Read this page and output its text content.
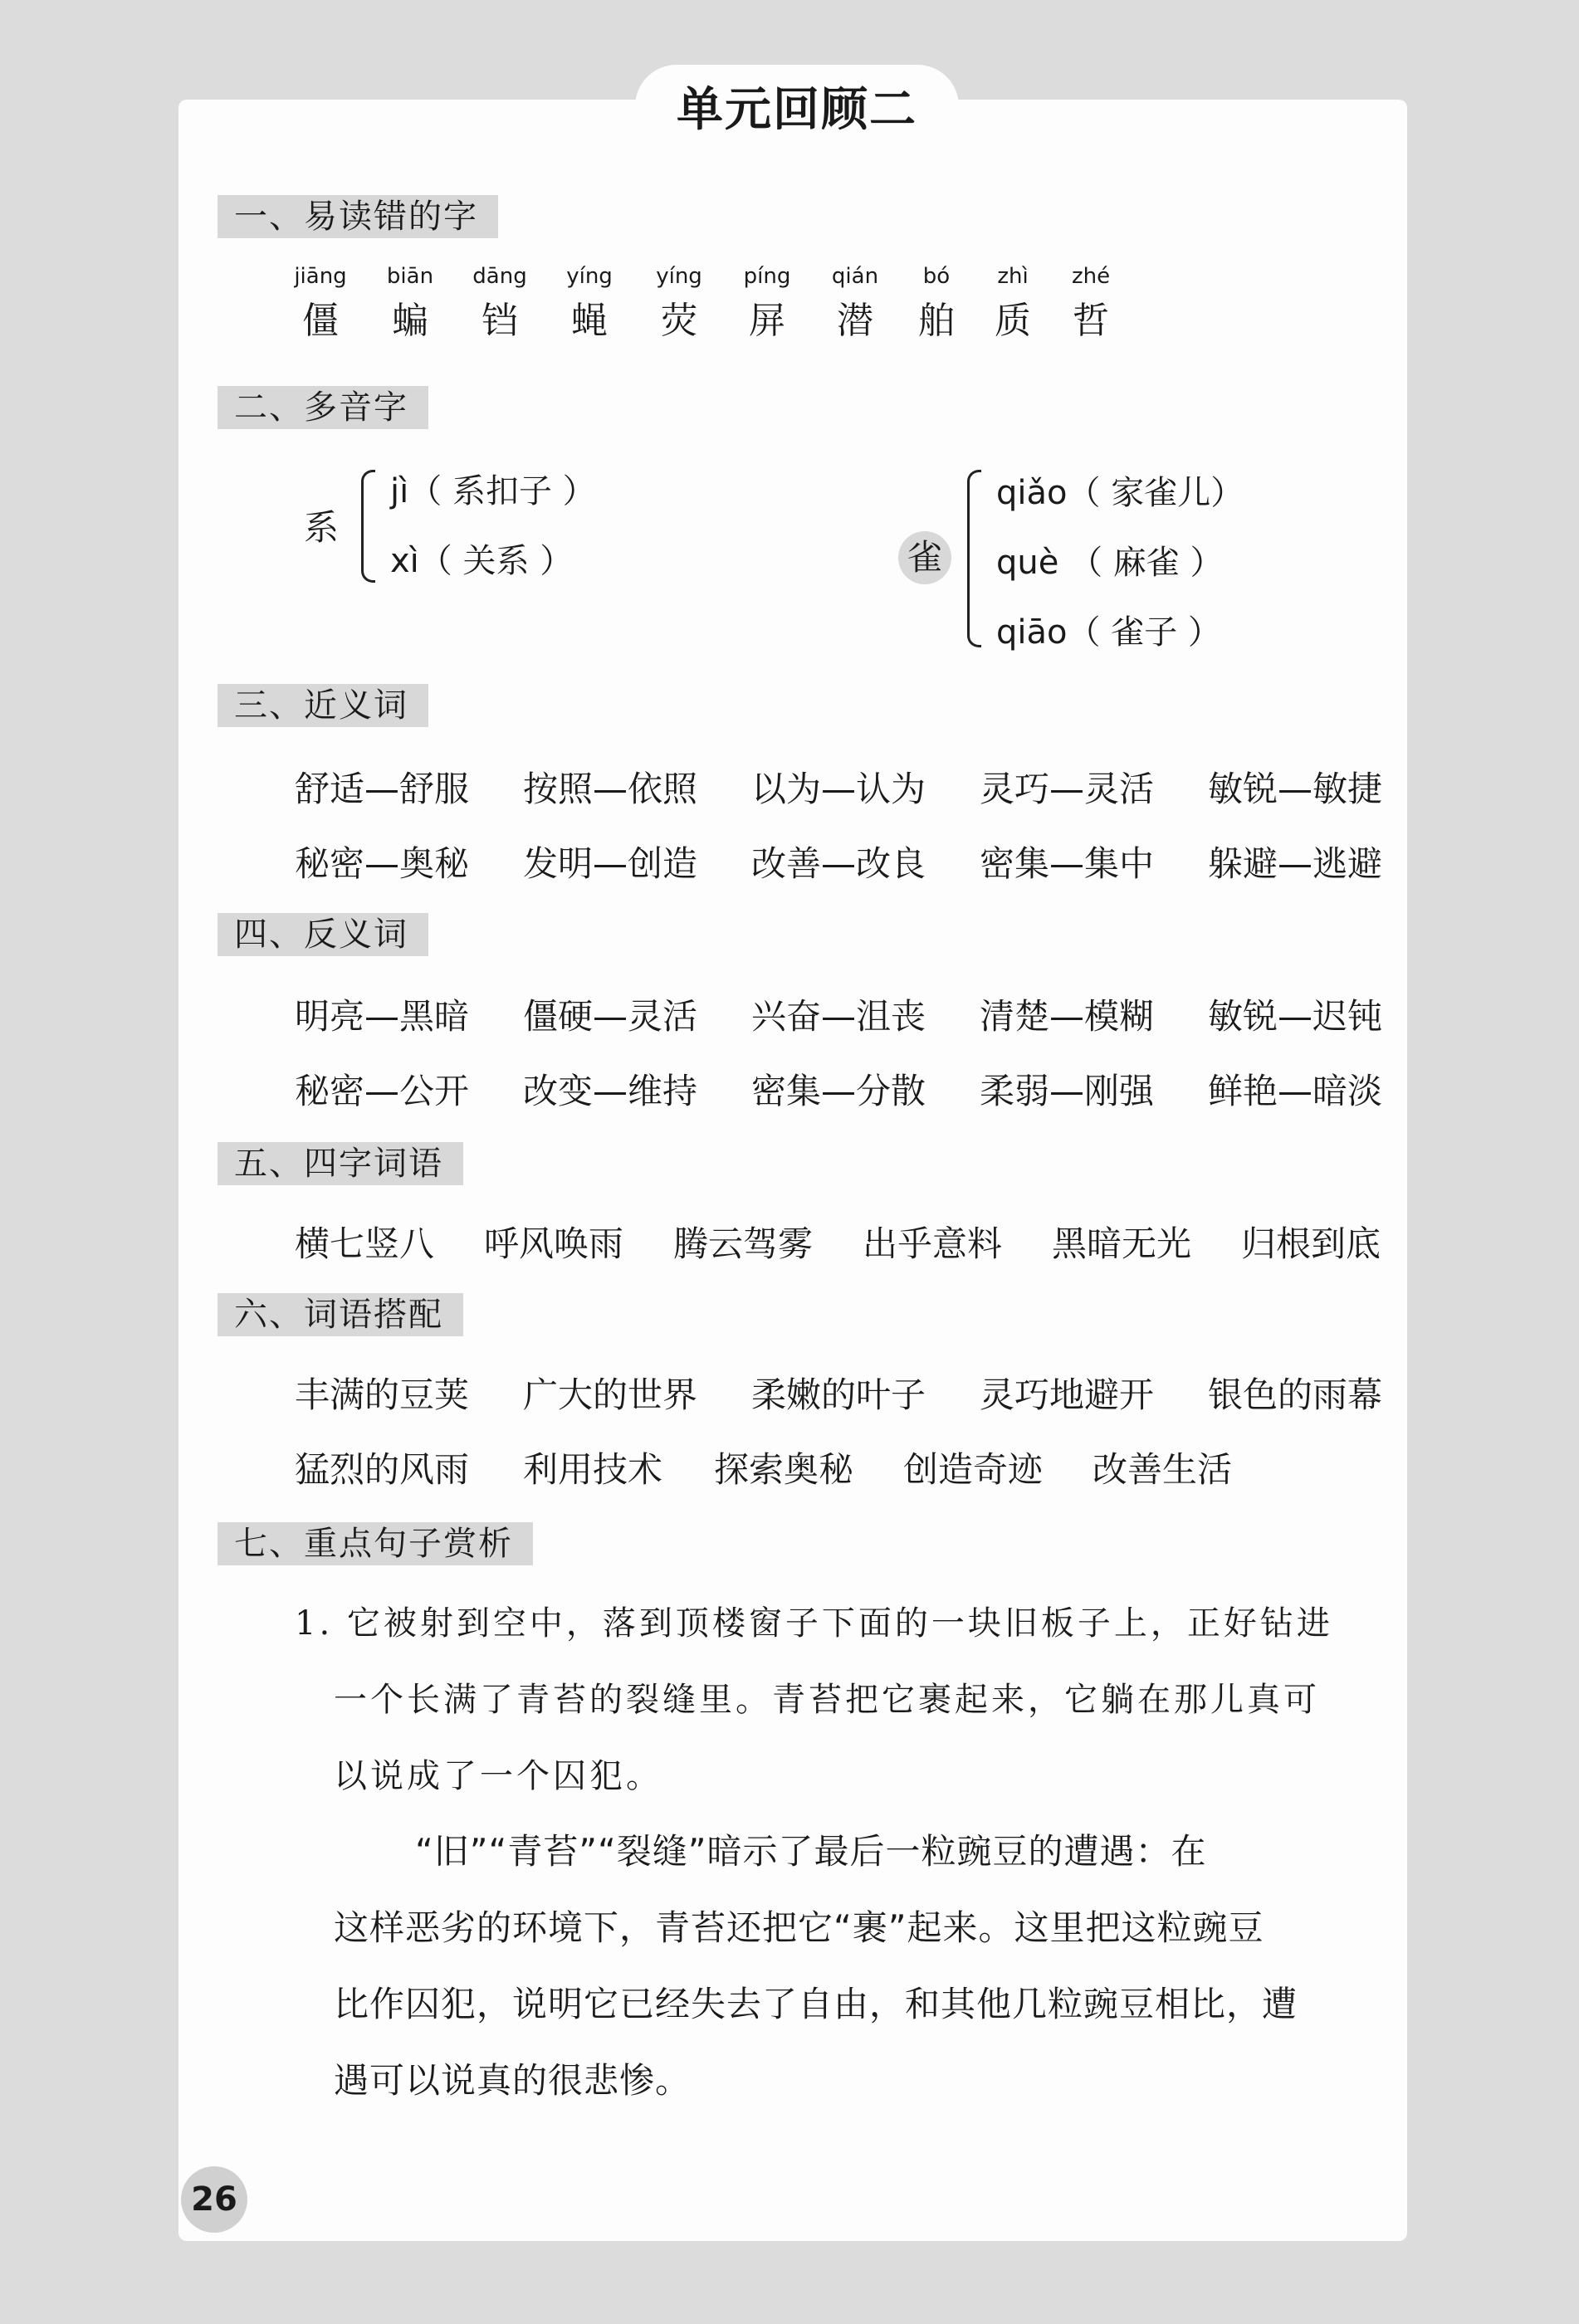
单元回顾二
一、易读错的字
jiāng
僵
biān
蝙
dāng
铛
yíng
蝇
yíng
荧
píng
屏
qián
潜
bó
舶
zhì
质
zhé
哲
二、多音字
系
jì（ 系扣子 ）
xì（ 关系 ）	雀
qiǎo（ 家雀儿）
què （ 麻雀 ）
qiāo（ 雀子 ）
三、近义词
舒适—舒服 按照—依照 以为—认为 灵巧—灵活 敏锐—敏捷
秘密—奥秘 发明—创造 改善—改良 密集—集中 躲避—逃避
四、反义词
明亮—黑暗 僵硬—灵活 兴奋—沮丧 清楚—模糊 敏锐—迟钝
秘密—公开 改变—维持 密集—分散 柔弱—刚强 鲜艳—暗淡
五、四字词语
横七竖八 呼风唤雨 腾云驾雾 出乎意料 黑暗无光 归根到底
六、词语搭配
丰满的豆荚 广大的世界 柔嫩的叶子 灵巧地避开 银色的雨幕
猛烈的风雨 利用技术 探索奥秘 创造奇迹 改善生活
七、重点句子赏析
1. 它被射到空中，落到顶楼窗子下面的一块旧板子上，正好钻进
一个长满了青苔的裂缝里。青苔把它裹起来，它躺在那儿真可
以说成了一个囚犯。
“旧”“青苔”“裂缝”暗示了最后一粒豌豆的遭遇：在
这样恶劣的环境下，青苔还把它“裹”起来。这里把这粒豌豆
比作囚犯，说明它已经失去了自由，和其他几粒豌豆相比，遭
遇可以说真的很悲惨。
26
